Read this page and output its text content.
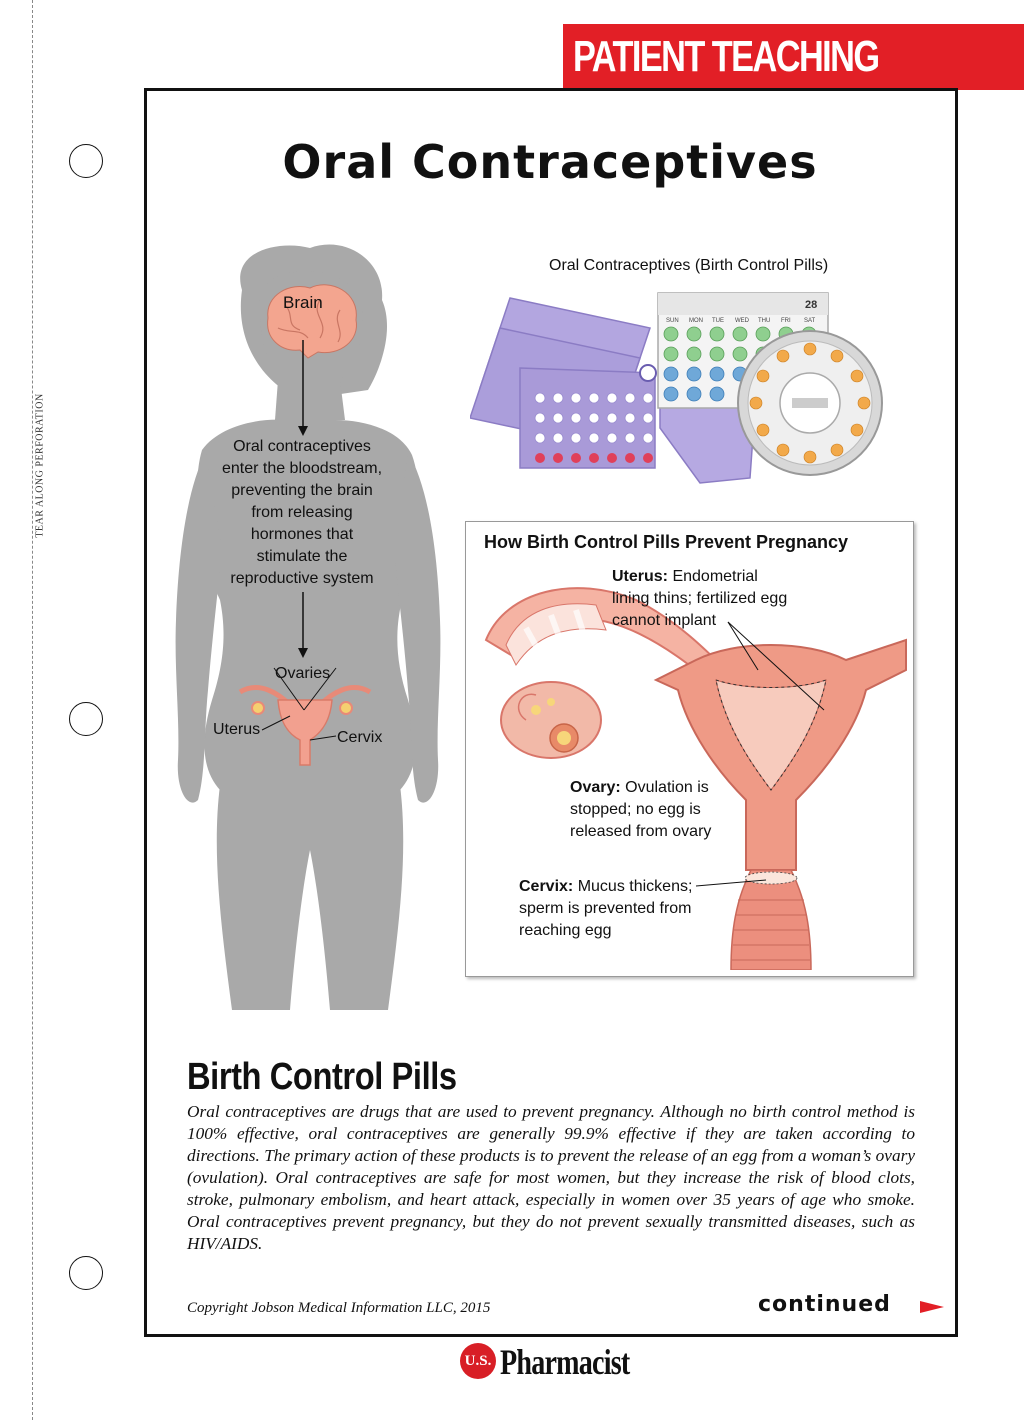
TEAR ALONG PERFORATION
PATIENT TEACHING
Oral Contraceptives
Brain
Oral contraceptives
enter the bloodstream,
preventing the brain
from releasing
hormones that
stimulate the
reproductive system
Ovaries
Uterus	Cervix
Oral Contraceptives (Birth Control Pills)
28
SUN MON TUE WED THU FRI SAT
How Birth Control Pills Prevent Pregnancy
Uterus: Endometrial
lining thins; fertilized egg
cannot implant
Ovary: Ovulation is
stopped; no egg is
released from ovary
Cervix: Mucus thickens;
sperm is prevented from
reaching egg
Birth Control Pills
Oral contraceptives are drugs that are used to prevent pregnancy. Although no birth control method is 100% effective, oral contraceptives are generally 99.9% effective if they are taken according to directions. The primary action of these products is to prevent the release of an egg from a woman’s ovary (ovulation). Oral contraceptives are safe for most women, but they increase the risk of blood clots, stroke, pulmonary embolism, and heart attack, especially in women over 35 years of age who smoke. Oral contraceptives prevent pregnancy, but they do not prevent sexually transmitted diseases, such as HIV/AIDS.
Copyright Jobson Medical Information LLC, 2015	continued
U.S. Pharmacist
